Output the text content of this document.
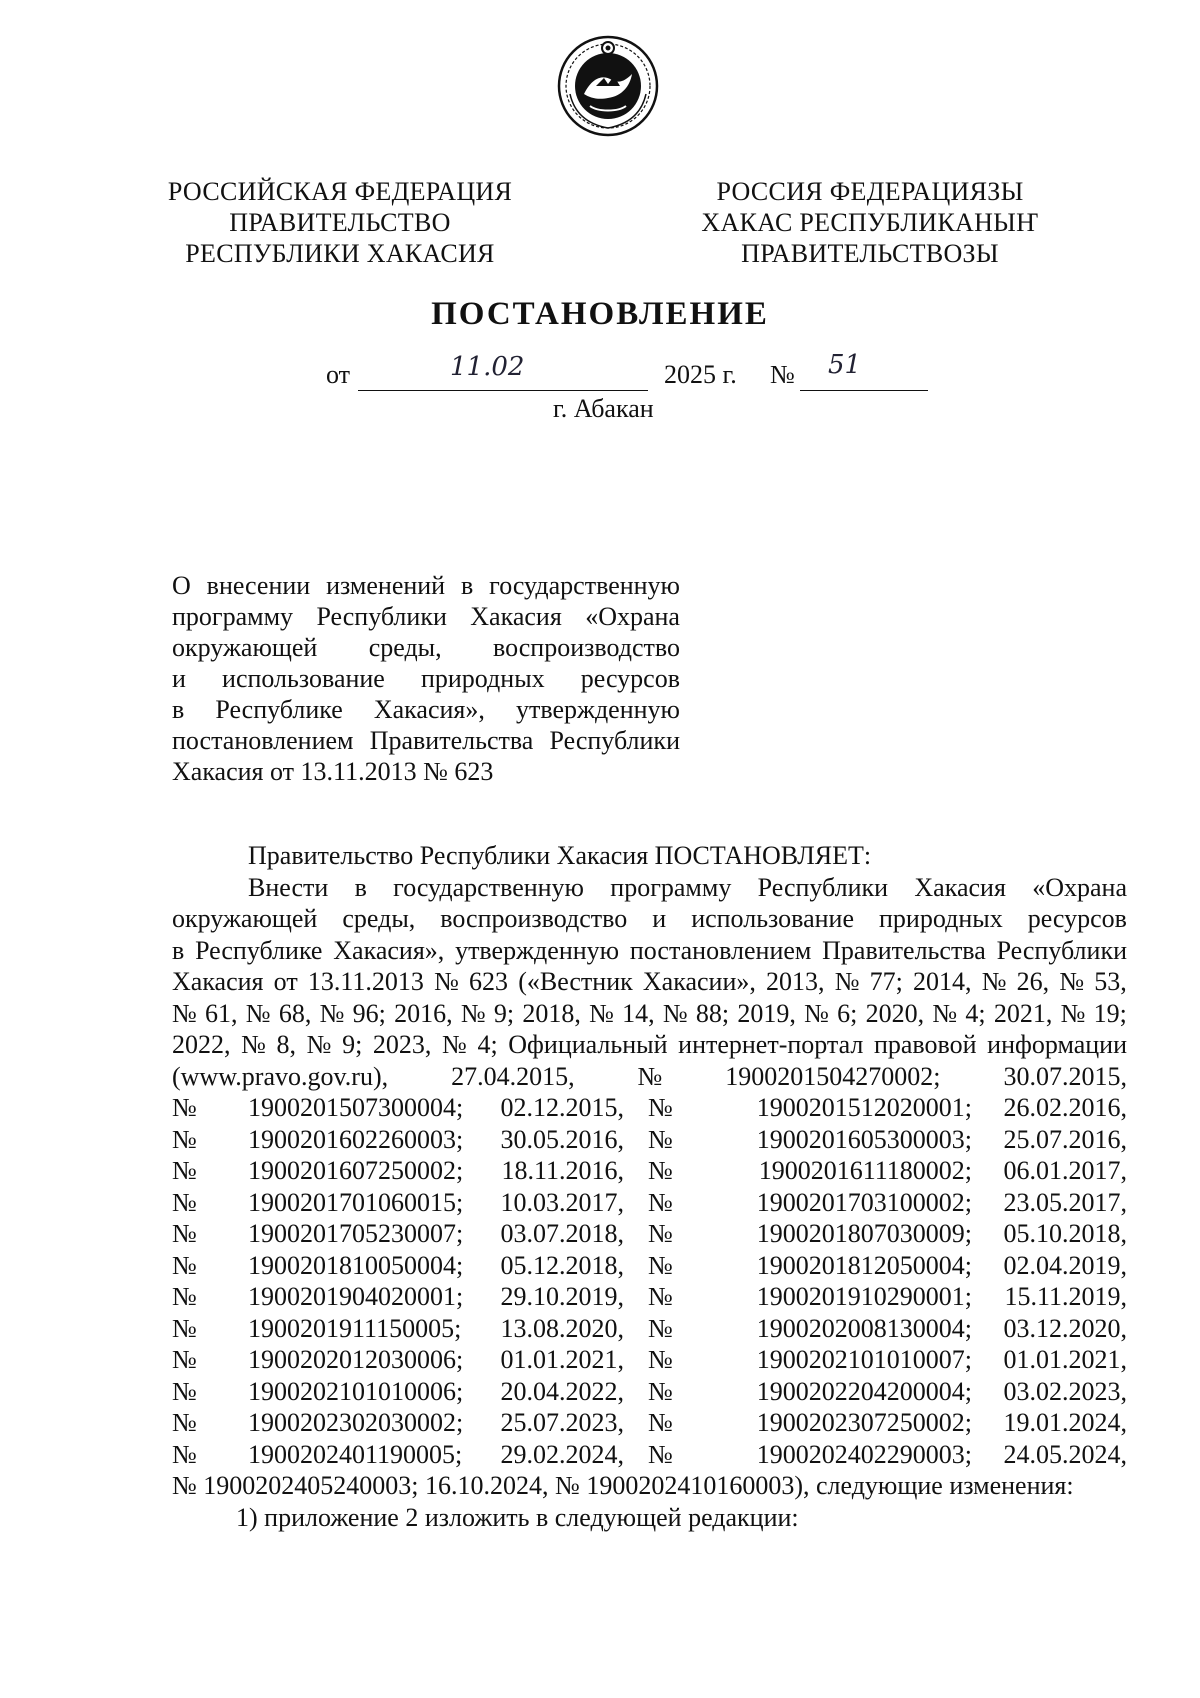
РОССИЙСКАЯ ФЕДЕРАЦИЯ
ПРАВИТЕЛЬСТВО
РЕСПУБЛИКИ ХАКАСИЯ
РОССИЯ ФЕДЕРАЦИЯЗЫ
ХАКАС РЕСПУБЛИКАНЫҤ
ПРАВИТЕЛЬСТВОЗЫ
ПОСТАНОВЛЕНИЕ
от	11.02	2025 г. № 51
г. Абакан
О внесении изменений в государственную
программу Республики Хакасия «Охрана
окружающей среды, воспроизводство
и использование природных ресурсов
в Республике Хакасия», утвержденную
постановлением Правительства Республики
Хакасия от 13.11.2013 № 623
Правительство Республики Хакасия ПОСТАНОВЛЯЕТ:
Внести в государственную программу Республики Хакасия «Охрана
окружающей среды, воспроизводство и использование природных ресурсов
в Республике Хакасия», утвержденную постановлением Правительства Республики
Хакасия от 13.11.2013 № 623 («Вестник Хакасии», 2013, № 77; 2014, № 26, № 53,
№ 61, № 68, № 96; 2016, № 9; 2018, № 14, № 88; 2019, № 6; 2020, № 4; 2021, № 19;
2022, № 8, № 9; 2023, № 4; Официальный интернет-портал правовой информации
(www.pravo.gov.ru), 27.04.2015, № 1900201504270002; 30.07.2015,
№	1900201507300004;	02.12.2015, №	1900201512020001;	26.02.2016,
№	1900201602260003;	30.05.2016, №	1900201605300003;	25.07.2016,
№	1900201607250002;	18.11.2016, №	1900201611180002;	06.01.2017,
№	1900201701060015;	10.03.2017, №	1900201703100002;	23.05.2017,
№	1900201705230007;	03.07.2018, №	1900201807030009;	05.10.2018,
№	1900201810050004;	05.12.2018, №	1900201812050004;	02.04.2019,
№	1900201904020001;	29.10.2019, №	1900201910290001;	15.11.2019,
№	1900201911150005;	13.08.2020, №	1900202008130004;	03.12.2020,
№	1900202012030006;	01.01.2021, №	1900202101010007;	01.01.2021,
№	1900202101010006;	20.04.2022, №	1900202204200004;	03.02.2023,
№	1900202302030002;	25.07.2023, №	1900202307250002;	19.01.2024,
№	1900202401190005;	29.02.2024, №	1900202402290003;	24.05.2024,
№ 1900202405240003; 16.10.2024, № 1900202410160003), следующие изменения:
1) приложение 2 изложить в следующей редакции:
